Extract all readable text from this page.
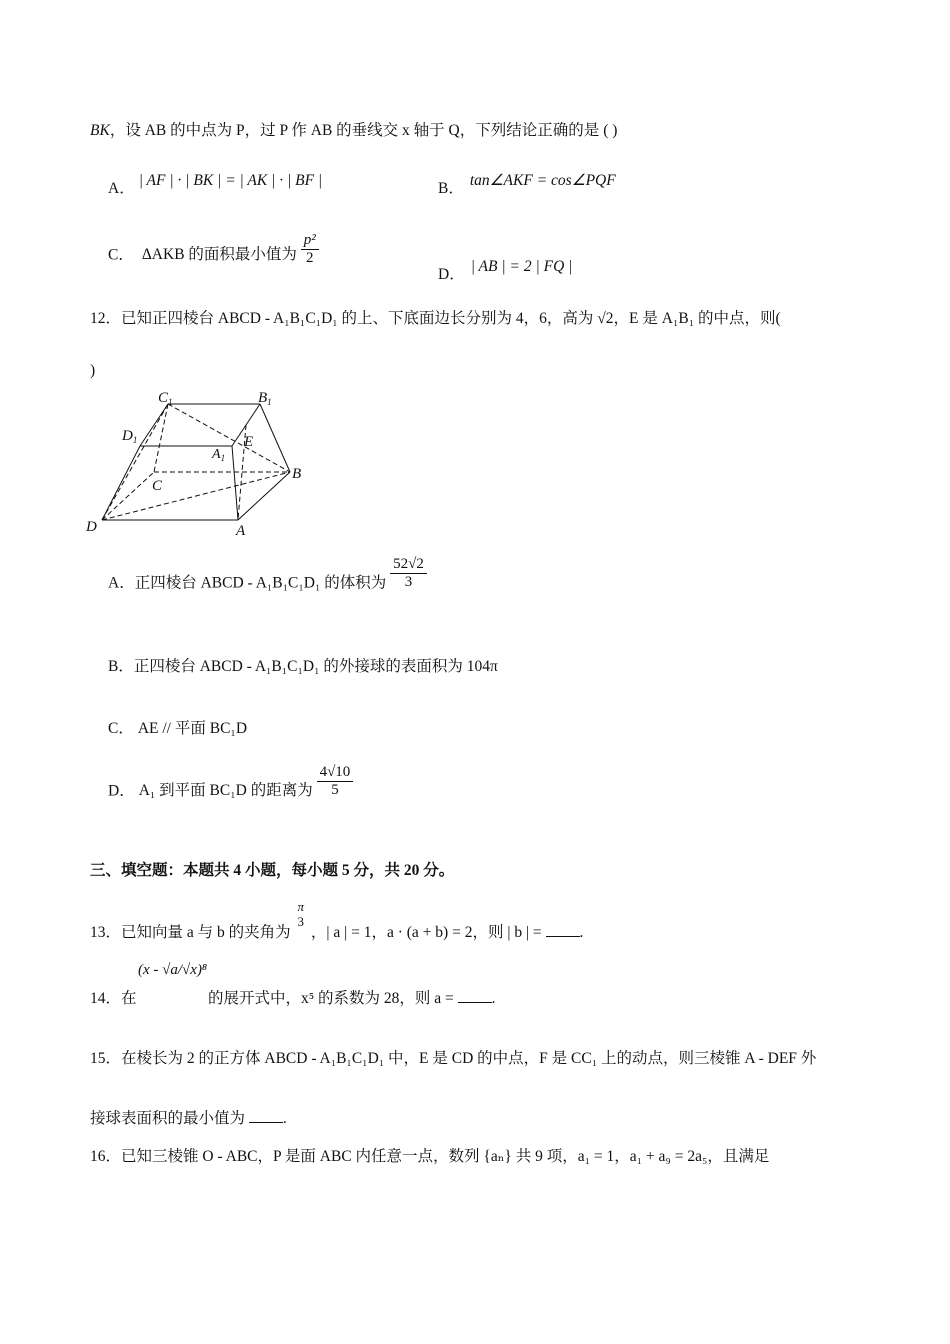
BK，设 AB 的中点为 P，过 P 作 AB 的垂线交 x 轴于 Q，下列结论正确的是 ( )
A． | AF | · | BK | = | AK | · | BF |	B． tan∠AKF = cos∠PQF
C． ΔAKB 的面积最小值为 $\frac{\text{p²}}{2}$
D． | AB | = 2 | FQ |
12．已知正四棱台 ABCD - A₁B₁C₁D₁ 的上、下底面边长分别为 4，6，高为 √2，E 是 A₁B₁ 的中点，则(
)
$C_1$	$B_1$
$D_1$	E
$A_1$
C
B
D	A
A．正四棱台 ABCD - A₁B₁C₁D₁ 的体积为 $\frac{52√2}{3}$
B．正四棱台 ABCD - A₁B₁C₁D₁ 的外接球的表面积为 104π
C． AE // 平面 BC₁D
D． A₁ 到平面 BC₁D 的距离为 $\frac{4√10}{5}$
三、填空题：本题共 4 小题，每小题 5 分，共 20 分。
13．已知向量 a 与 b 的夹角为
π
3
，| a | = 1，a · (a + b) = 2，则 | b | = .
14．在
(x - √a/√x)⁸
的展开式中，x⁵ 的系数为 28，则 a = .
15．在棱长为 2 的正方体 ABCD - A₁B₁C₁D₁ 中，E 是 CD 的中点，F 是 CC₁ 上的动点，则三棱锥 A - DEF 外
接球表面积的最小值为 .
16．已知三棱锥 O - ABC，P 是面 ABC 内任意一点，数列 {aₙ} 共 9 项，a₁ = 1，a₁ + a₉ = 2a₅，且满足
